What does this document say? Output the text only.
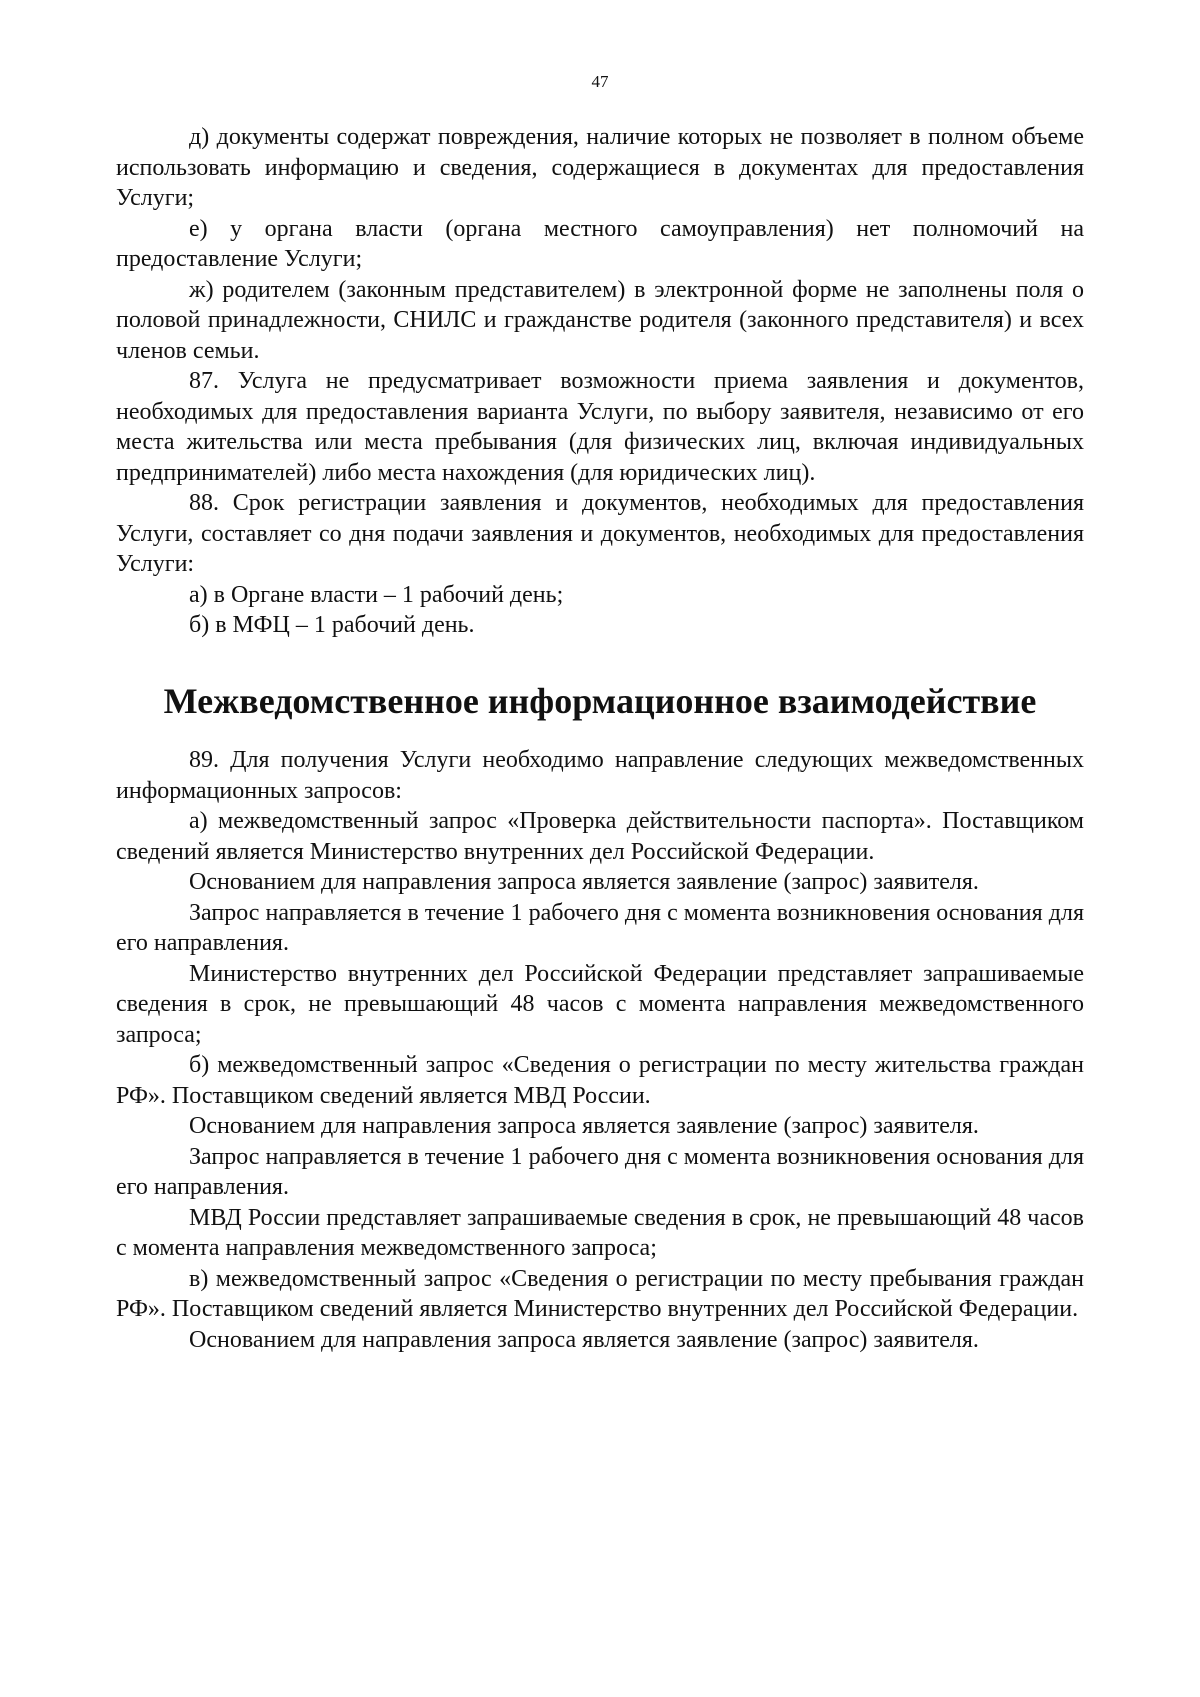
47

д) документы содержат повреждения, наличие которых не позволяет в полном объеме использовать информацию и сведения, содержащиеся в документах для предоставления Услуги;

е) у органа власти (органа местного самоуправления) нет полномочий на предоставление Услуги;

ж) родителем (законным представителем) в электронной форме не заполнены поля о половой принадлежности, СНИЛС и гражданстве родителя (законного представителя) и всех членов семьи.

87. Услуга не предусматривает возможности приема заявления и документов, необходимых для предоставления варианта Услуги, по выбору заявителя, независимо от его места жительства или места пребывания (для физических лиц, включая индивидуальных предпринимателей) либо места нахождения (для юридических лиц).

88. Срок регистрации заявления и документов, необходимых для предоставления Услуги, составляет со дня подачи заявления и документов, необходимых для предоставления Услуги:

а) в Органе власти – 1 рабочий день;

б) в МФЦ – 1 рабочий день.

Межведомственное информационное взаимодействие

89. Для получения Услуги необходимо направление следующих межведомственных информационных запросов:

а) межведомственный запрос «Проверка действительности паспорта». Поставщиком сведений является Министерство внутренних дел Российской Федерации.

Основанием для направления запроса является заявление (запрос) заявителя.

Запрос направляется в течение 1 рабочего дня с момента возникновения основания для его направления.

Министерство внутренних дел Российской Федерации представляет запрашиваемые сведения в срок, не превышающий 48 часов с момента направления межведомственного запроса;

б) межведомственный запрос «Сведения о регистрации по месту жительства граждан РФ». Поставщиком сведений является МВД России.

Основанием для направления запроса является заявление (запрос) заявителя.

Запрос направляется в течение 1 рабочего дня с момента возникновения основания для его направления.

МВД России представляет запрашиваемые сведения в срок, не превышающий 48 часов с момента направления межведомственного запроса;

в) межведомственный запрос «Сведения о регистрации по месту пребывания граждан РФ». Поставщиком сведений является Министерство внутренних дел Российской Федерации.

Основанием для направления запроса является заявление (запрос) заявителя.
